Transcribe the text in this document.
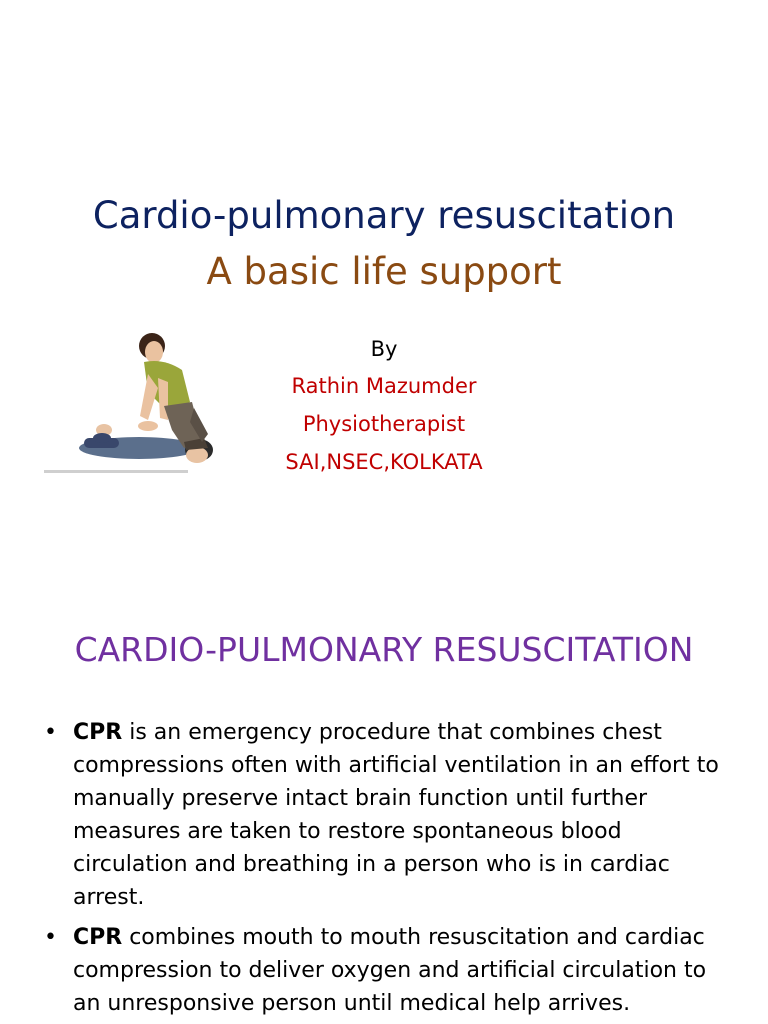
Cardio-pulmonary resuscitation
A basic life support
By
Rathin Mazumder
Physiotherapist
SAI,NSEC,KOLKATA
CARDIO-PULMONARY RESUSCITATION
• CPR is an emergency procedure that combines chest compressions often with artificial ventilation in an effort to manually preserve intact brain function until further measures are taken to restore spontaneous blood circulation and breathing in a person who is in cardiac arrest.
• CPR combines mouth to mouth resuscitation and cardiac compression to deliver oxygen and artificial circulation to an unresponsive person until medical help arrives.
